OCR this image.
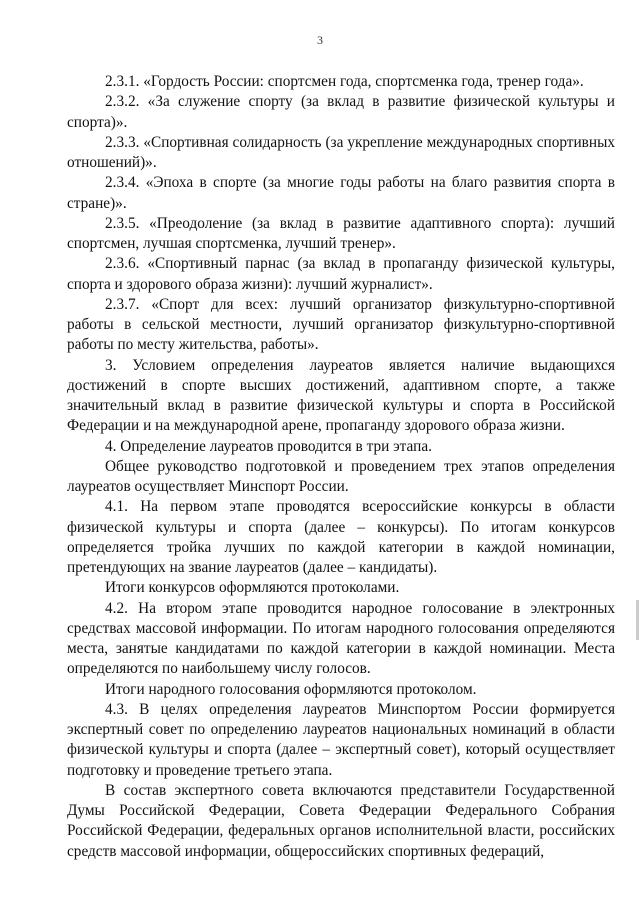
3

2.3.1. «Гордость России: спортсмен года, спортсменка года, тренер года».

2.3.2. «За служение спорту (за вклад в развитие физической культуры и спорта)».

2.3.3. «Спортивная солидарность (за укрепление международных спортивных отношений)».

2.3.4. «Эпоха в спорте (за многие годы работы на благо развития спорта в стране)».

2.3.5. «Преодоление (за вклад в развитие адаптивного спорта): лучший спортсмен, лучшая спортсменка, лучший тренер».

2.3.6. «Спортивный парнас (за вклад в пропаганду физической культуры, спорта и здорового образа жизни): лучший журналист».

2.3.7. «Спорт для всех: лучший организатор физкультурно-спортивной работы в сельской местности, лучший организатор физкультурно-спортивной работы по месту жительства, работы».

3. Условием определения лауреатов является наличие выдающихся достижений в спорте высших достижений, адаптивном спорте, а также значительный вклад в развитие физической культуры и спорта в Российской Федерации и на международной арене, пропаганду здорового образа жизни.

4. Определение лауреатов проводится в три этапа.

Общее руководство подготовкой и проведением трех этапов определения лауреатов осуществляет Минспорт России.

4.1. На первом этапе проводятся всероссийские конкурсы в области физической культуры и спорта (далее – конкурсы). По итогам конкурсов определяется тройка лучших по каждой категории в каждой номинации, претендующих на звание лауреатов (далее – кандидаты).

Итоги конкурсов оформляются протоколами.

4.2. На втором этапе проводится народное голосование в электронных средствах массовой информации. По итогам народного голосования определяются места, занятые кандидатами по каждой категории в каждой номинации. Места определяются по наибольшему числу голосов.

Итоги народного голосования оформляются протоколом.

4.3. В целях определения лауреатов Минспортом России формируется экспертный совет по определению лауреатов национальных номинаций в области физической культуры и спорта (далее – экспертный совет), который осуществляет подготовку и проведение третьего этапа.

В состав экспертного совета включаются представители Государственной Думы Российской Федерации, Совета Федерации Федерального Собрания Российской Федерации, федеральных органов исполнительной власти, российских средств массовой информации, общероссийских спортивных федераций,
